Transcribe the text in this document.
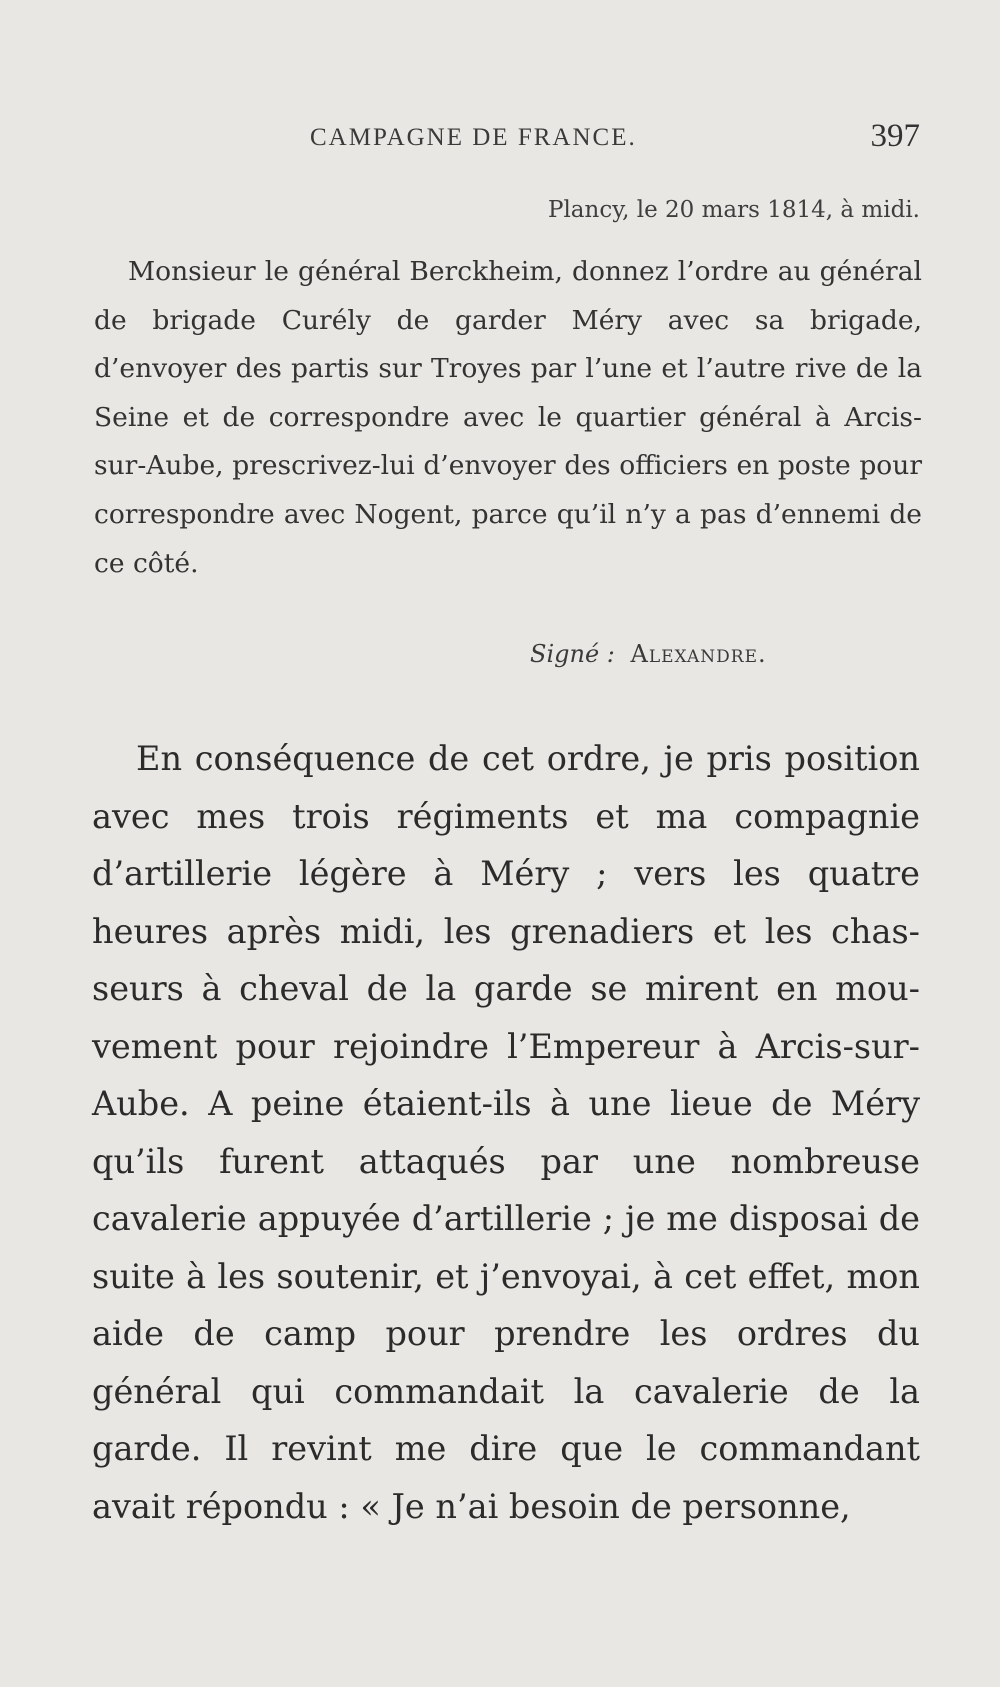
CAMPAGNE DE FRANCE.	397
Plancy, le 20 mars 1814, à midi.

Monsieur le général Berckheim, donnez l’ordre au général de brigade Curély de garder Méry avec sa brigade, d’envoyer des partis sur Troyes par l’une et l’autre rive de la Seine et de correspondre avec le quartier général à Arcis-sur-Aube, prescrivez-lui d’envoyer des officiers en poste pour correspondre avec Nogent, parce qu’il n’y a pas d’ennemi de ce côté.

Signé : Alexandre.

En conséquence de cet ordre, je pris position avec mes trois régiments et ma compagnie d’artillerie légère à Méry ; vers les quatre heures après midi, les grenadiers et les chasseurs à cheval de la garde se mirent en mouvement pour rejoindre l’Empereur à Arcis-sur-Aube. A peine étaient-ils à une lieue de Méry qu’ils furent attaqués par une nombreuse cavalerie appuyée d’artillerie ; je me disposai de suite à les soutenir, et j’envoyai, à cet effet, mon aide de camp pour prendre les ordres du général qui commandait la cavalerie de la garde. Il revint me dire que le commandant avait répondu : « Je n’ai besoin de personne,
